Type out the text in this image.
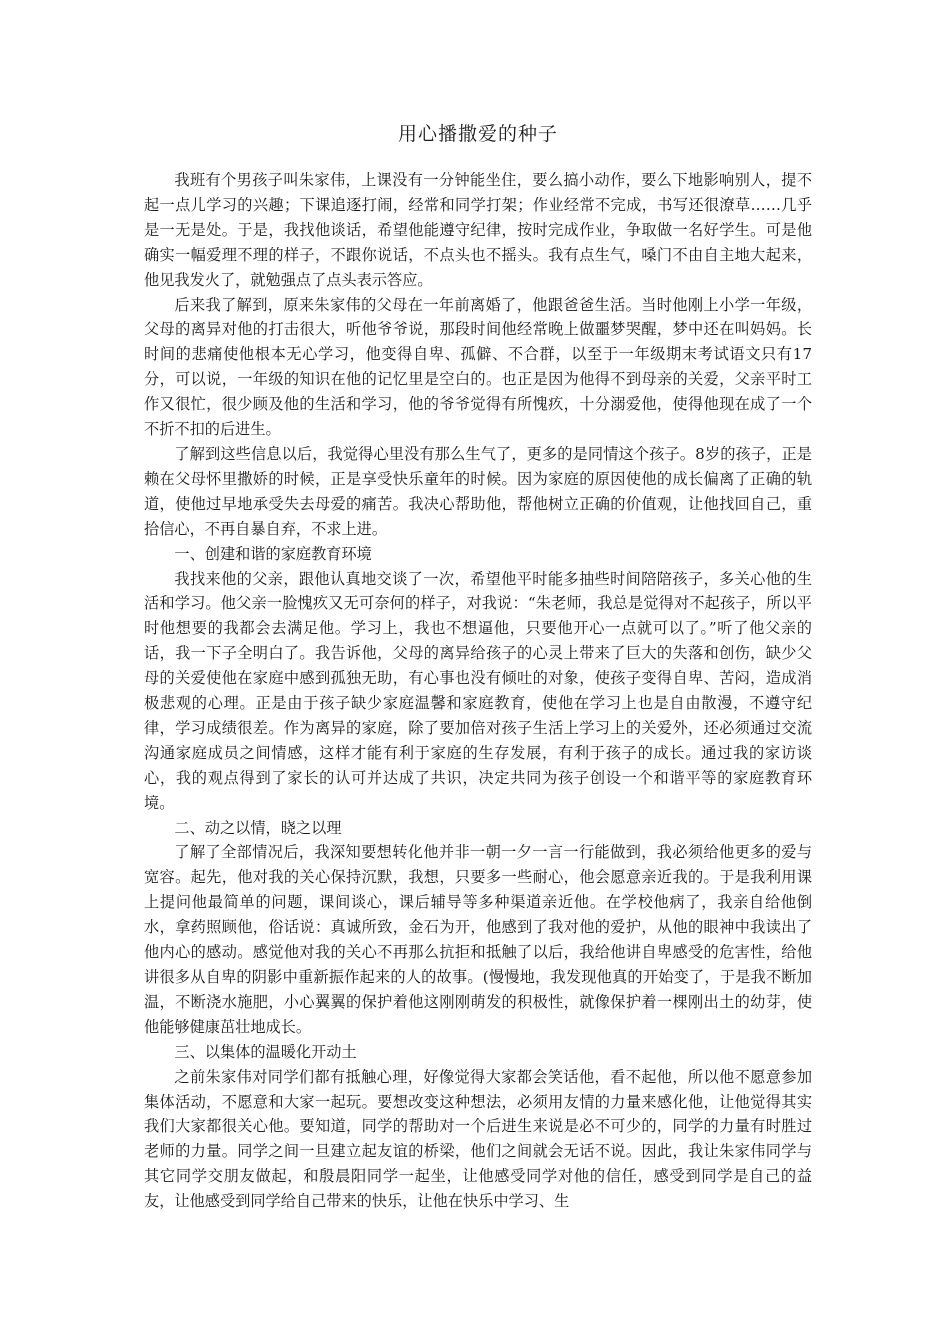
用心播撒爱的种子

我班有个男孩子叫朱家伟，上课没有一分钟能坐住，要么搞小动作，要么下地影响别人，提不起一点儿学习的兴趣；下课追逐打闹，经常和同学打架；作业经常不完成，书写还很潦草……几乎是一无是处。于是，我找他谈话，希望他能遵守纪律，按时完成作业，争取做一名好学生。可是他确实一幅爱理不理的样子，不跟你说话，不点头也不摇头。我有点生气，嗓门不由自主地大起来，他见我发火了，就勉强点了点头表示答应。

后来我了解到，原来朱家伟的父母在一年前离婚了，他跟爸爸生活。当时他刚上小学一年级，父母的离异对他的打击很大，听他爷爷说，那段时间他经常晚上做噩梦哭醒，梦中还在叫妈妈。长时间的悲痛使他根本无心学习，他变得自卑、孤僻、不合群，以至于一年级期末考试语文只有17分，可以说，一年级的知识在他的记忆里是空白的。也正是因为他得不到母亲的关爱，父亲平时工作又很忙，很少顾及他的生活和学习，他的爷爷觉得有所愧疚，十分溺爱他，使得他现在成了一个不折不扣的后进生。

了解到这些信息以后，我觉得心里没有那么生气了，更多的是同情这个孩子。8岁的孩子，正是赖在父母怀里撒娇的时候，正是享受快乐童年的时候。因为家庭的原因使他的成长偏离了正确的轨道，使他过早地承受失去母爱的痛苦。我决心帮助他，帮他树立正确的价值观，让他找回自己，重拾信心，不再自暴自弃，不求上进。

一、创建和谐的家庭教育环境

我找来他的父亲，跟他认真地交谈了一次，希望他平时能多抽些时间陪陪孩子，多关心他的生活和学习。他父亲一脸愧疚又无可奈何的样子，对我说：“朱老师，我总是觉得对不起孩子，所以平时他想要的我都会去满足他。学习上，我也不想逼他，只要他开心一点就可以了。”听了他父亲的话，我一下子全明白了。我告诉他，父母的离异给孩子的心灵上带来了巨大的失落和创伤，缺少父母的关爱使他在家庭中感到孤独无助，有心事也没有倾吐的对象，使孩子变得自卑、苦闷，造成消极悲观的心理。正是由于孩子缺少家庭温馨和家庭教育，使他在学习上也是自由散漫，不遵守纪律，学习成绩很差。作为离异的家庭，除了要加倍对孩子生活上学习上的关爱外，还必须通过交流沟通家庭成员之间情感，这样才能有利于家庭的生存发展，有利于孩子的成长。通过我的家访谈心，我的观点得到了家长的认可并达成了共识，决定共同为孩子创设一个和谐平等的家庭教育环境。

二、动之以情，晓之以理

了解了全部情况后，我深知要想转化他并非一朝一夕一言一行能做到，我必须给他更多的爱与宽容。起先，他对我的关心保持沉默，我想，只要多一些耐心，他会愿意亲近我的。于是我利用课上提问他最简单的问题，课间谈心，课后辅导等多种渠道亲近他。在学校他病了，我亲自给他倒水，拿药照顾他，俗话说：真诚所致，金石为开，他感到了我对他的爱护，从他的眼神中我读出了他内心的感动。感觉他对我的关心不再那么抗拒和抵触了以后，我给他讲自卑感受的危害性，给他讲很多从自卑的阴影中重新振作起来的人的故事。(慢慢地，我发现他真的开始变了，于是我不断加温，不断浇水施肥，小心翼翼的保护着他这刚刚萌发的积极性，就像保护着一棵刚出土的幼芽，使他能够健康茁壮地成长。

三、以集体的温暖化开动土

之前朱家伟对同学们都有抵触心理，好像觉得大家都会笑话他，看不起他，所以他不愿意参加集体活动，不愿意和大家一起玩。要想改变这种想法，必须用友情的力量来感化他，让他觉得其实我们大家都很关心他。要知道，同学的帮助对一个后进生来说是必不可少的，同学的力量有时胜过老师的力量。同学之间一旦建立起友谊的桥梁，他们之间就会无话不说。因此，我让朱家伟同学与其它同学交朋友做起，和殷晨阳同学一起坐，让他感受同学对他的信任，感受到同学是自己的益友，让他感受到同学给自己带来的快乐，让他在快乐中学习、生
